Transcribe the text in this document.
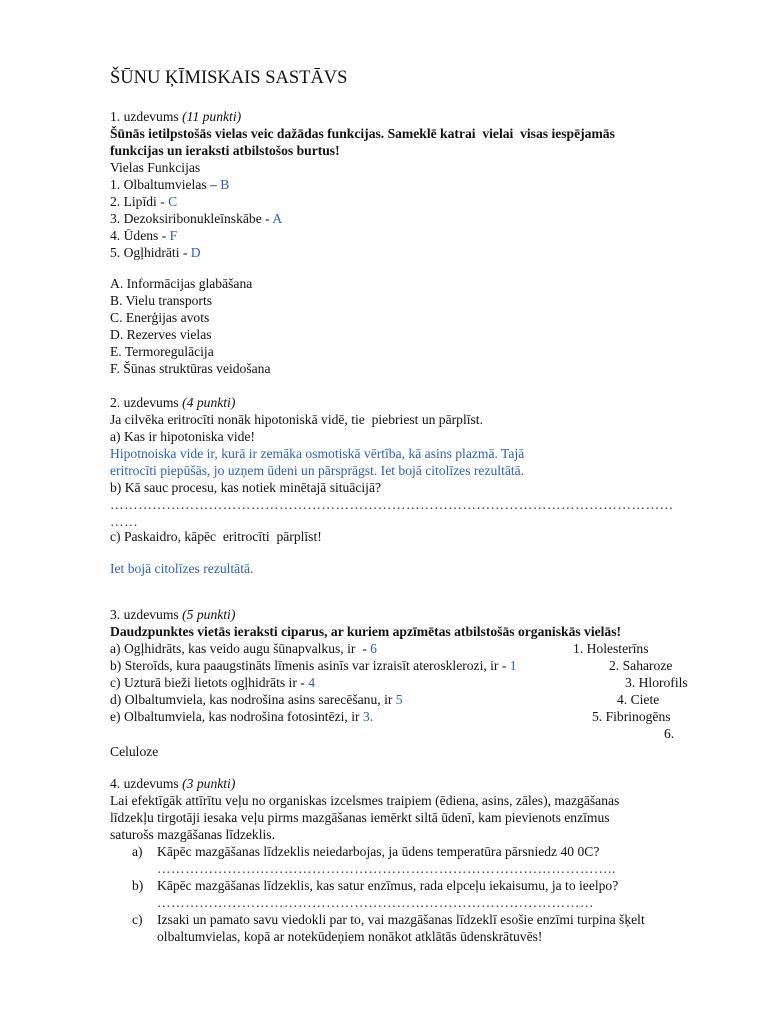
ŠŪNU ĶĪMISKAIS SASTĀVS
1. uzdevums (11 punkti)
Šūnās ietilpstošās vielas veic dažādas funkcijas. Sameklē katrai  vielai  visas iespējamās
funkcijas un ieraksti atbilstošos burtus!
Vielas Funkcijas
1. Olbaltumvielas – B
2. Lipīdi - C
3. Dezoksiribonukleīnskābe - A
4. Ūdens - F
5. Ogļhidrāti - D
A. Informācijas glabāšana
B. Vielu transports
C. Enerģijas avots
D. Rezerves vielas
E. Termoregulācija
F. Šūnas struktūras veidošana
2. uzdevums (4 punkti)
Ja cilvēka eritrocīti nonāk hipotoniskā vidē, tie  piebriest un pārplīst.
a) Kas ir hipotoniska vide!
Hipotnoiska vide ir, kurā ir zemāka osmotiskā vērtība, kā asins plazmā. Tajā
eritrocīti piepūšās, jo uzņem ūdeni un pārsprāgst. Iet bojā citolīzes rezultātā.
b) Kā sauc procesu, kas notiek minētajā situācijā?
…………………………………………………………………………………………………………
……
c) Paskaidro, kāpēc  eritrocīti  pārplīst!
Iet bojā citolīzes rezultātā.
3. uzdevums (5 punkti)
Daudzpunktes vietās ieraksti ciparus, ar kuriem apzīmētas atbilstošās organiskās vielās!
a) Ogļhidrāts, kas veido augu šūnapvalkus, ir  - 6	1. Holesterīns
b) Steroīds, kura paaugstināts līmenis asinīs var izraisīt aterosklerozi, ir - 1	2. Saharoze
c) Uzturā bieži lietots ogļhidrāts ir - 4	3. Hlorofils
d) Olbaltumviela, kas nodrošina asins sarecēšanu, ir 5	4. Ciete
e) Olbaltumviela, kas nodrošina fotosintēzi, ir 3.	5. Fibrinogēns
6.
Celuloze
4. uzdevums (3 punkti)
Lai efektīgāk attīrītu veļu no organiskas izcelsmes traipiem (ēdiena, asins, zāles), mazgāšanas
līdzekļu tirgotāji iesaka veļu pirms mazgāšanas iemērkt siltā ūdenī, kam pievienots enzīmus
saturošs mazgāšanas līdzeklis.
a) Kāpēc mazgāšanas līdzeklis neiedarbojas, ja ūdens temperatūra pārsniedz 40 0C?
……………………………………………………………………………………..
b) Kāpēc mazgāšanas līdzeklis, kas satur enzīmus, rada elpceļu iekaisumu, ja to ieelpo?
…………………………………………………………………………………
c) Izsaki un pamato savu viedokli par to, vai mazgāšanas līdzeklī esošie enzīmi turpina šķelt
olbaltumvielas, kopā ar notekūdeņiem nonākot atklātās ūdenskrātuvēs!
